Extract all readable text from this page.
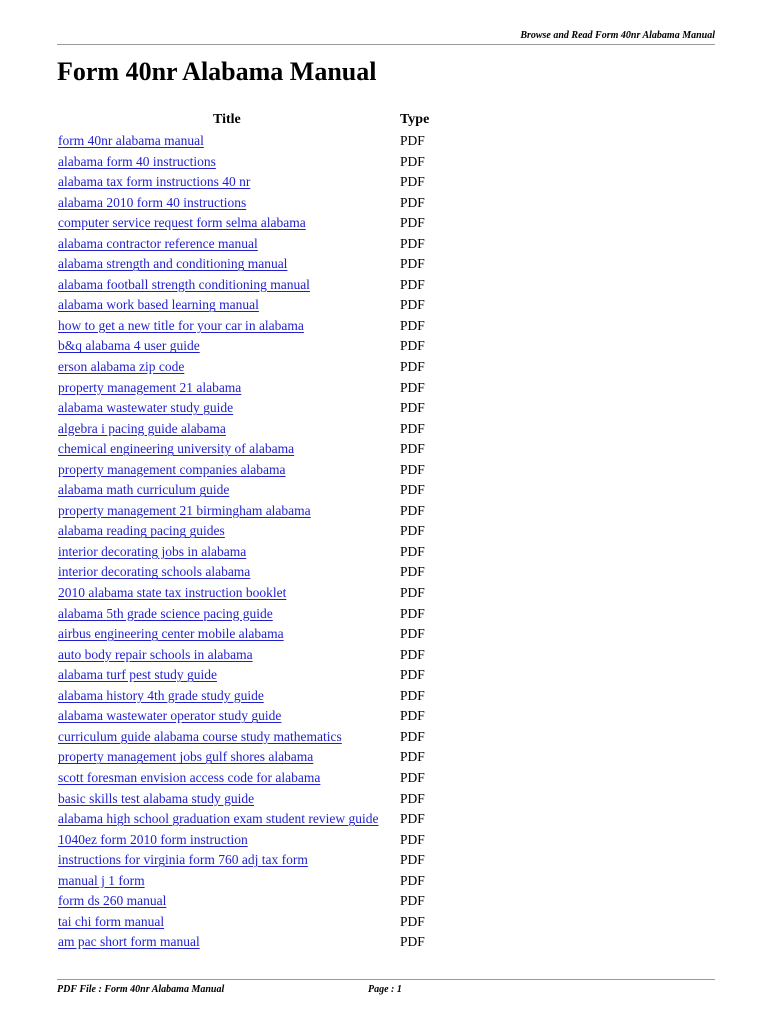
Browse and Read Form 40nr Alabama Manual
Form 40nr Alabama Manual
Title	Type
form 40nr alabama manual	PDF
alabama form 40 instructions	PDF
alabama tax form instructions 40 nr	PDF
alabama 2010 form 40 instructions	PDF
computer service request form selma alabama	PDF
alabama contractor reference manual	PDF
alabama strength and conditioning manual	PDF
alabama football strength conditioning manual	PDF
alabama work based learning manual	PDF
how to get a new title for your car in alabama	PDF
b&q alabama 4 user guide	PDF
erson alabama zip code	PDF
property management 21 alabama	PDF
alabama wastewater study guide	PDF
algebra i pacing guide alabama	PDF
chemical engineering university of alabama	PDF
property management companies alabama	PDF
alabama math curriculum guide	PDF
property management 21 birmingham alabama	PDF
alabama reading pacing guides	PDF
interior decorating jobs in alabama	PDF
interior decorating schools alabama	PDF
2010 alabama state tax instruction booklet	PDF
alabama 5th grade science pacing guide	PDF
airbus engineering center mobile alabama	PDF
auto body repair schools in alabama	PDF
alabama turf pest study guide	PDF
alabama history 4th grade study guide	PDF
alabama wastewater operator study guide	PDF
curriculum guide alabama course study mathematics	PDF
property management jobs gulf shores alabama	PDF
scott foresman envision access code for alabama	PDF
basic skills test alabama study guide	PDF
alabama high school graduation exam student review guide PDF
1040ez form 2010 form instruction	PDF
instructions for virginia form 760 adj tax form	PDF
manual j 1 form	PDF
form ds 260 manual	PDF
tai chi form manual	PDF
am pac short form manual	PDF
PDF File : Form 40nr Alabama Manual	Page : 1
